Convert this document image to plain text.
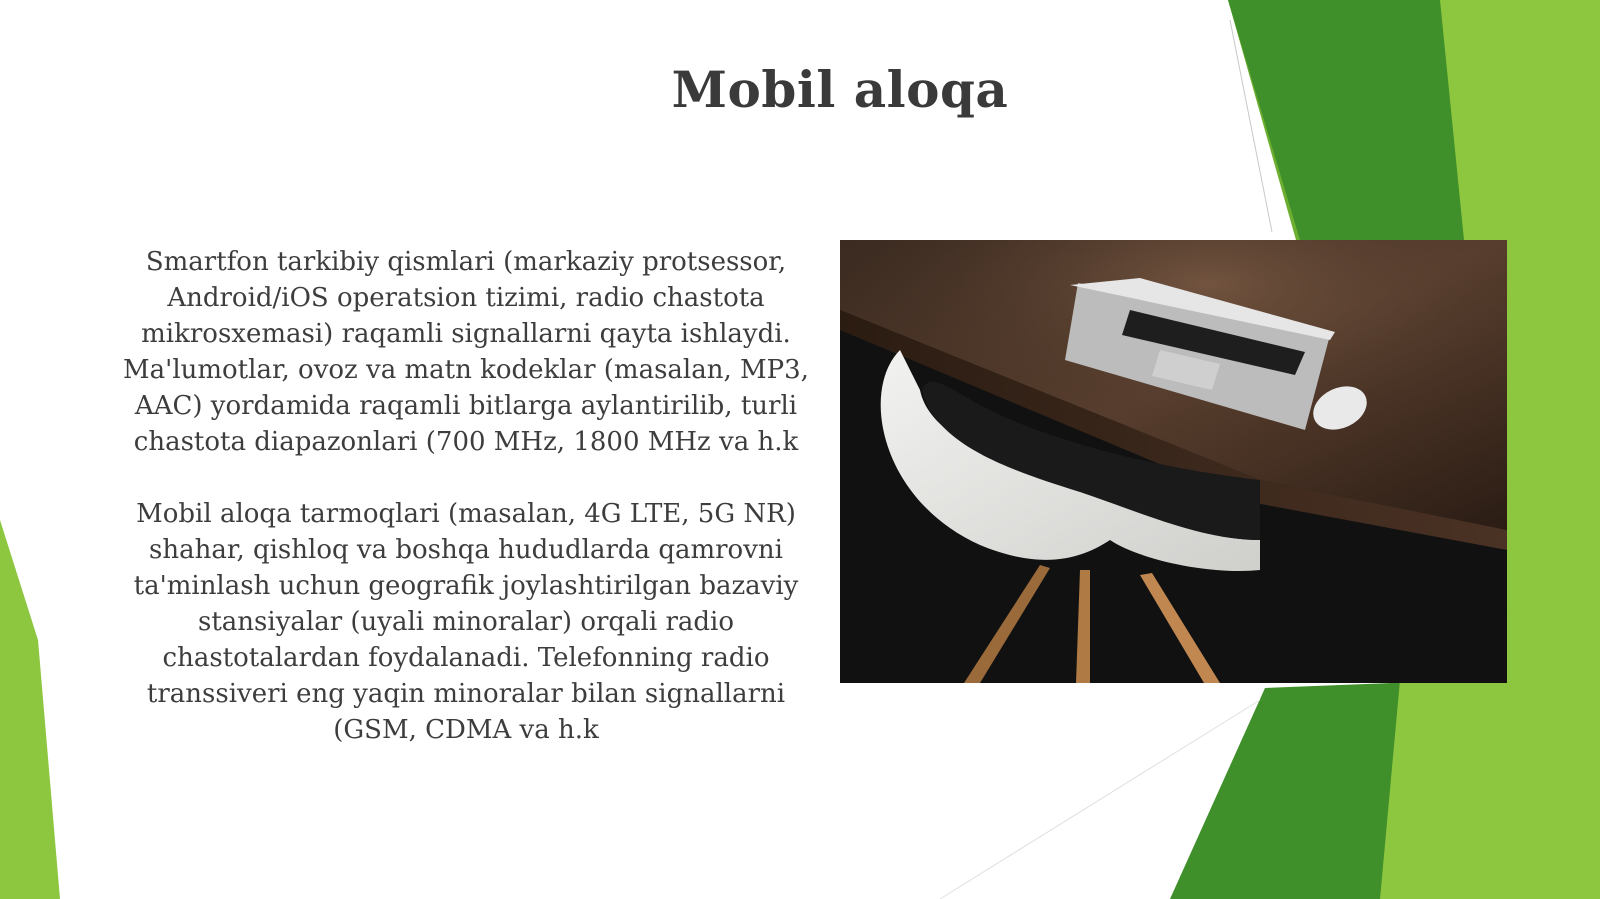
Mobil aloqa

Smartfon tarkibiy qismlari (markaziy protsessor, Android/iOS operatsion tizimi, radio chastota mikrosxemasi) raqamli signallarni qayta ishlaydi. Ma'lumotlar, ovoz va matn kodeklar (masalan, MP3, AAC) yordamida raqamli bitlarga aylantirilib, turli chastota diapazonlari (700 MHz, 1800 MHz va h.k

Mobil aloqa tarmoqlari (masalan, 4G LTE, 5G NR) shahar, qishloq va boshqa hududlarda qamrovni ta'minlash uchun geografik joylashtirilgan bazaviy stansiyalar (uyali minoralar) orqali radio chastotalardan foydalanadi. Telefonning radio transsiveri eng yaqin minoralar bilan signallarni (GSM, CDMA va h.k
